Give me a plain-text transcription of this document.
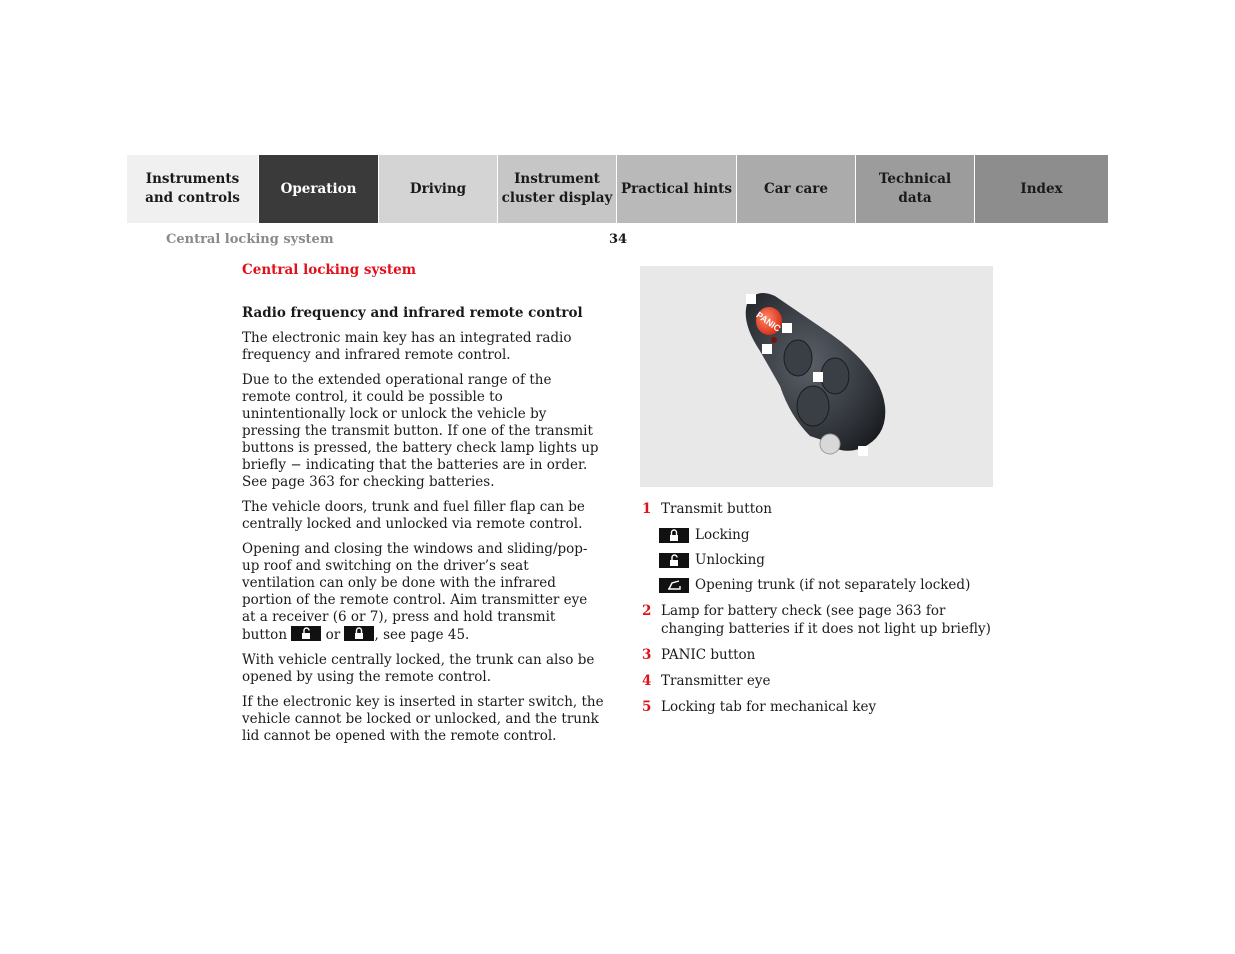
Instruments
and controls
Operation	Driving
Instrument
cluster display
Practical hints Car care
Technical
data
Index
Central locking system	34

Central locking system

Radio frequency and infrared remote control

The electronic main key has an integrated radio frequency and infrared remote control.

Due to the extended operational range of the remote control, it could be possible to unintentionally lock or unlock the vehicle by pressing the transmit button. If one of the transmit buttons is pressed, the battery check lamp lights up briefly − indicating that the batteries are in order. See page 363 for checking batteries.

The vehicle doors, trunk and fuel filler flap can be centrally locked and unlocked via remote control.

Opening and closing the windows and sliding/pop-up roof and switching on the driver’s seat ventilation can only be done with the infrared portion of the remote control. Aim transmitter eye at a receiver (6 or 7), press and hold transmit button
or
, see page 45.

With vehicle centrally locked, the trunk can also be opened by using the remote control.

If the electronic key is inserted in starter switch, the vehicle cannot be locked or unlocked, and the trunk lid cannot be opened with the remote control.

PANIC
1 Transmit button
Locking
Unlocking
Opening trunk (if not separately locked)
2 Lamp for battery check (see page 363 for changing batteries if it does not light up briefly)
3 PANIC button
4 Transmitter eye
5 Locking tab for mechanical key
